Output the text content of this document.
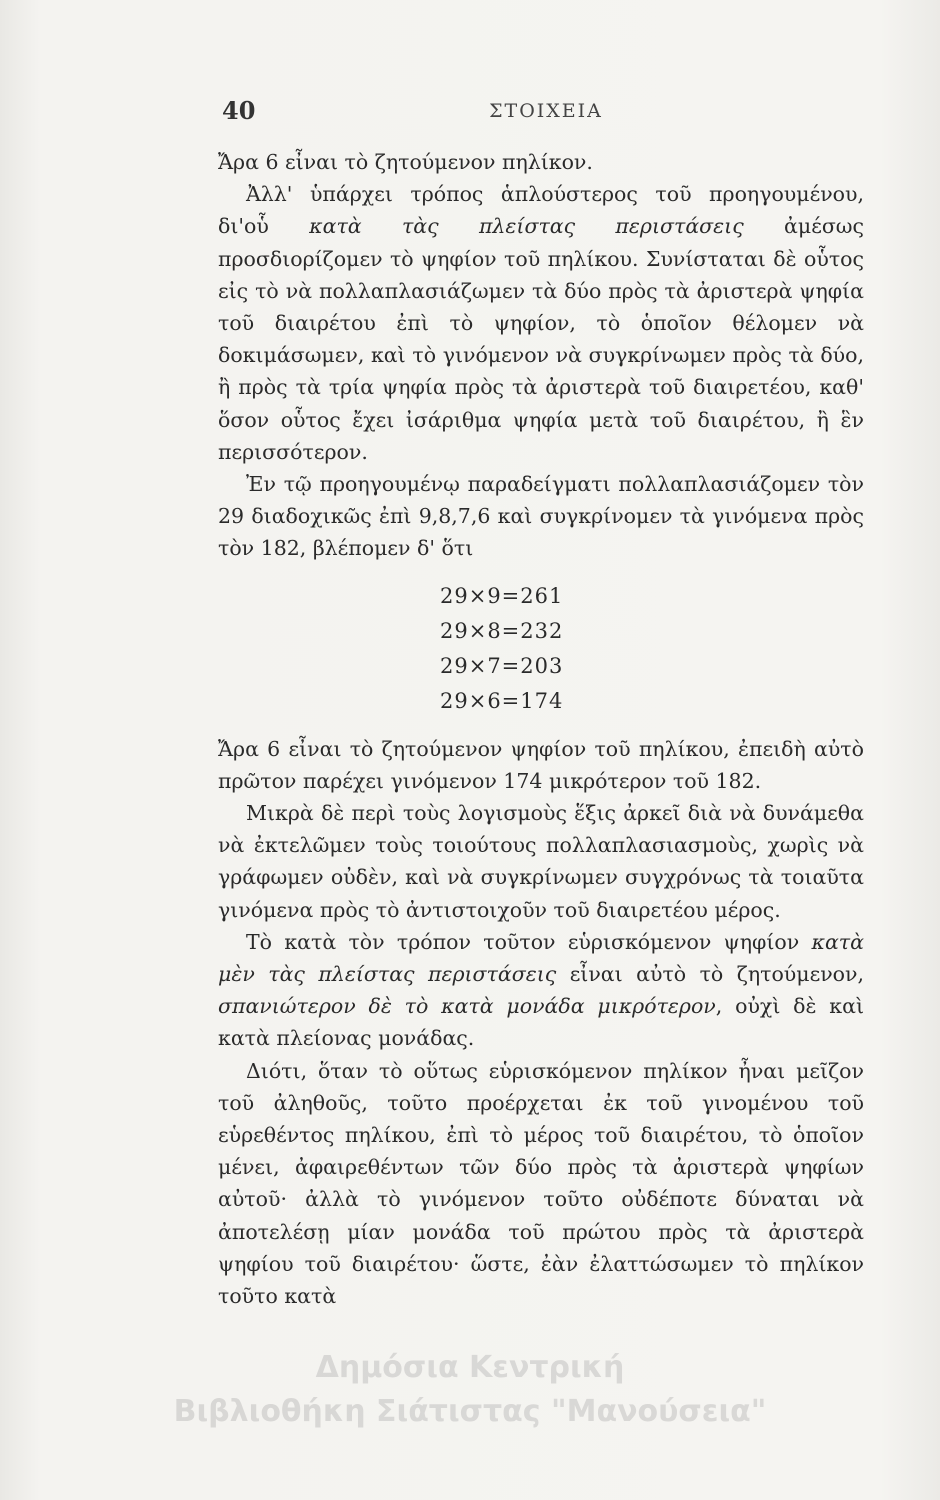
40	ΣΤΟΙΧΕΙΑ

Ἄρα 6 εἶναι τὸ ζητούμενον πηλίκον.

Ἀλλ' ὑπάρχει τρόπος ἁπλούστερος τοῦ προηγουμένου, δι'οὗ κατὰ τὰς πλείστας περιστάσεις ἀμέσως προσδιορίζομεν τὸ ψηφίον τοῦ πηλίκου. Συνίσταται δὲ οὗτος εἰς τὸ νὰ πολλαπλασιάζωμεν τὰ δύο πρὸς τὰ ἀριστερὰ ψηφία τοῦ διαιρέτου ἐπὶ τὸ ψηφίον, τὸ ὁποῖον θέλομεν νὰ δοκιμάσωμεν, καὶ τὸ γινόμενον νὰ συγκρίνωμεν πρὸς τὰ δύο, ἢ πρὸς τὰ τρία ψηφία πρὸς τὰ ἀριστερὰ τοῦ διαιρετέου, καθ' ὅσον οὗτος ἔχει ἰσάριθμα ψηφία μετὰ τοῦ διαιρέτου, ἢ ἓν περισσότερον.

Ἐν τῷ προηγουμένῳ παραδείγματι πολλαπλασιάζομεν τὸν 29 διαδοχικῶς ἐπὶ 9,8,7,6 καὶ συγκρίνομεν τὰ γινόμενα πρὸς τὸν 182, βλέπομεν δ' ὅτι

29×9=261
29×8=232
29×7=203
29×6=174

Ἄρα 6 εἶναι τὸ ζητούμενον ψηφίον τοῦ πηλίκου, ἐπειδὴ αὐτὸ πρῶτον παρέχει γινόμενον 174 μικρότερον τοῦ 182.

Μικρὰ δὲ περὶ τοὺς λογισμοὺς ἕξις ἀρκεῖ διὰ νὰ δυνάμεθα νὰ ἐκτελῶμεν τοὺς τοιούτους πολλαπλασιασμοὺς, χωρὶς νὰ γράφωμεν οὐδὲν, καὶ νὰ συγκρίνωμεν συγχρόνως τὰ τοιαῦτα γινόμενα πρὸς τὸ ἀντιστοιχοῦν τοῦ διαιρετέου μέρος.

Τὸ κατὰ τὸν τρόπον τοῦτον εὑρισκόμενον ψηφίον κατὰ μὲν τὰς πλείστας περιστάσεις εἶναι αὐτὸ τὸ ζητούμενον, σπανιώτερον δὲ τὸ κατὰ μονάδα μικρότερον, οὐχὶ δὲ καὶ κατὰ πλείονας μονάδας.

Διότι, ὅταν τὸ οὕτως εὑρισκόμενον πηλίκον ἦναι μεῖζον τοῦ ἀληθοῦς, τοῦτο προέρχεται ἐκ τοῦ γινομένου τοῦ εὑρεθέντος πηλίκου, ἐπὶ τὸ μέρος τοῦ διαιρέτου, τὸ ὁποῖον μένει, ἀφαιρεθέντων τῶν δύο πρὸς τὰ ἀριστερὰ ψηφίων αὐτοῦ· ἀλλὰ τὸ γινόμενον τοῦτο οὐδέποτε δύναται νὰ ἀποτελέσῃ μίαν μονάδα τοῦ πρώτου πρὸς τὰ ἀριστερὰ ψηφίου τοῦ διαιρέτου· ὥστε, ἐὰν ἐλαττώσωμεν τὸ πηλίκον τοῦτο κατὰ

Δημόσια Κεντρική
Βιβλιοθήκη Σιάτιστας "Μανούσεια"
